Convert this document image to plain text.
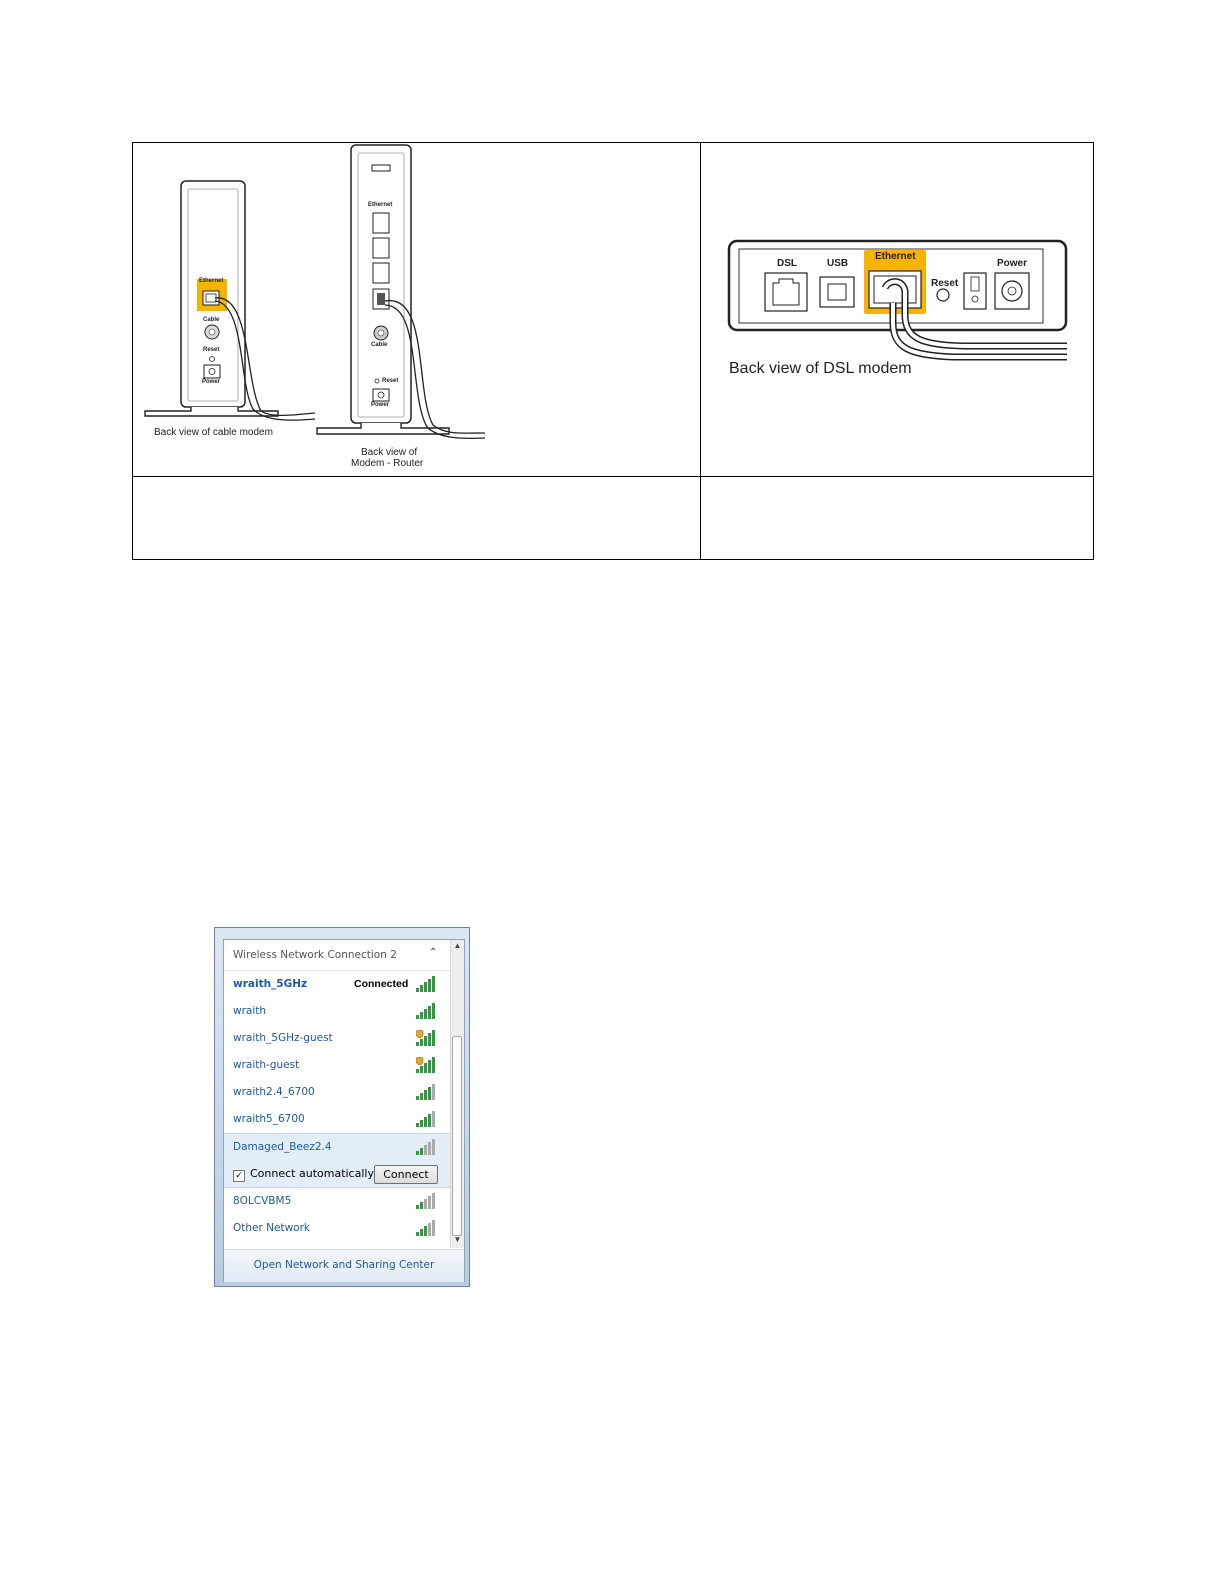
Ethernet
Cable
Reset
Power
Back view of cable modem
Ethernet
Cable
Reset
Power
Back view of
Modem - Router
DSL	USB
Ethernet
Reset
Power
Back view of DSL modem
Wireless Network Connection 2	⌃
wraith_5GHz	Connected
wraith
wraith_5GHz-guest
wraith-guest
wraith2.4_6700
wraith5_6700
Damaged_Beez2.4
✓ Connect automatically Connect
8OLCVBM5
Other Network
▲
▼
Open Network and Sharing Center
